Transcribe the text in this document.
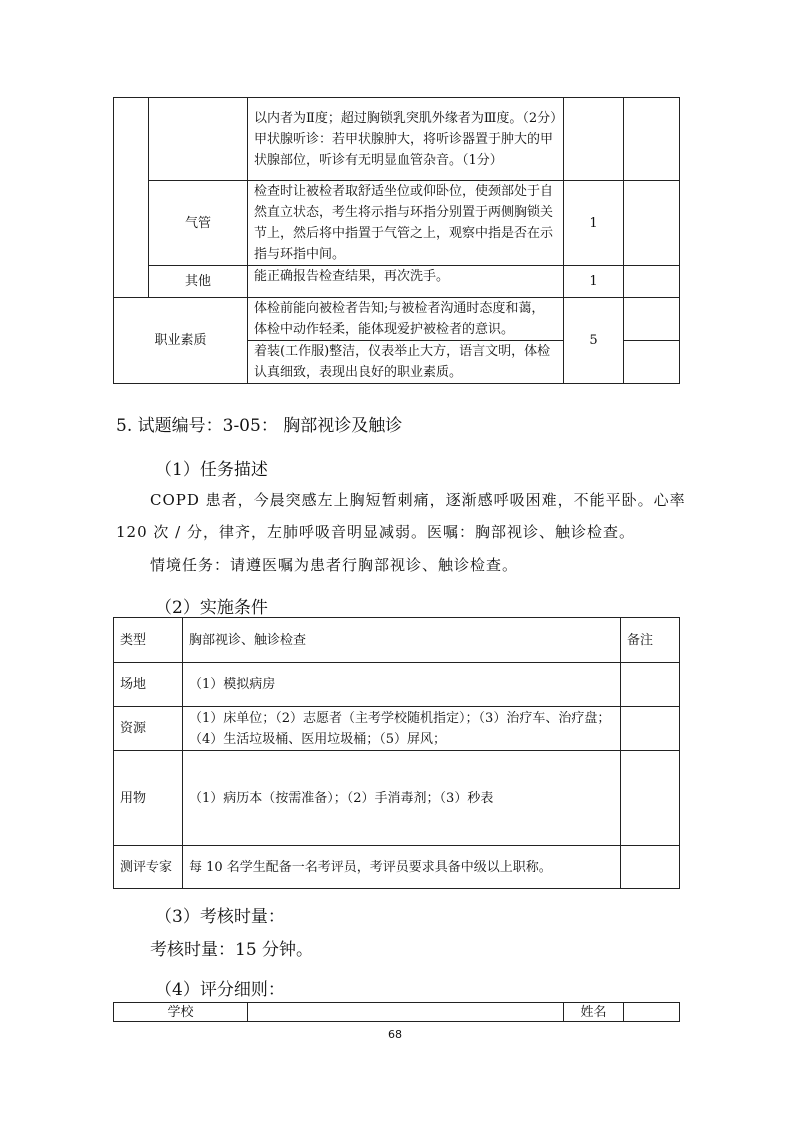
		以内者为Ⅱ度；超过胸锁乳突肌外缘者为Ⅲ度。（2分）
甲状腺听诊：若甲状腺肿大，将听诊器置于肿大的甲状腺部位，听诊有无明显血管杂音。（1分）		

	气管	检查时让被检者取舒适坐位或仰卧位，使颈部处于自然直立状态，考生将示指与环指分别置于两侧胸锁关节上，然后将中指置于气管之上，观察中指是否在示指与环指中间。	1	
	其他	能正确报告检查结果，再次洗手。	1	
职业素质		体检前能向被检者告知;与被检者沟通时态度和蔼，体检中动作轻柔，能体现爱护被检者的意识。	5	
		着装(工作服)整洁，仪表举止大方，语言文明，体检认真细致，表现出良好的职业素质。		
5. 试题编号：3-05： 胸部视诊及触诊
（1）任务描述
COPD 患者，今晨突感左上胸短暂刺痛，逐渐感呼吸困难，不能平卧。心率
120 次 / 分，律齐，左肺呼吸音明显减弱。医嘱：胸部视诊、触诊检查。
情境任务：请遵医嘱为患者行胸部视诊、触诊检查。
（2）实施条件
类型	胸部视诊、触诊检查	备注
场地	（1）模拟病房	
资源	（1）床单位；（2）志愿者（主考学校随机指定）；（3）治疗车、治疗盘；（4）生活垃圾桶、医用垃圾桶；（5）屏风；	
用物	（1）病历本（按需准备）；（2）手消毒剂；（3）秒表	
测评专家	每 10 名学生配备一名考评员，考评员要求具备中级以上职称。	
（3）考核时量：
考核时量：15 分钟。
（4）评分细则：
学校		姓名	
68
